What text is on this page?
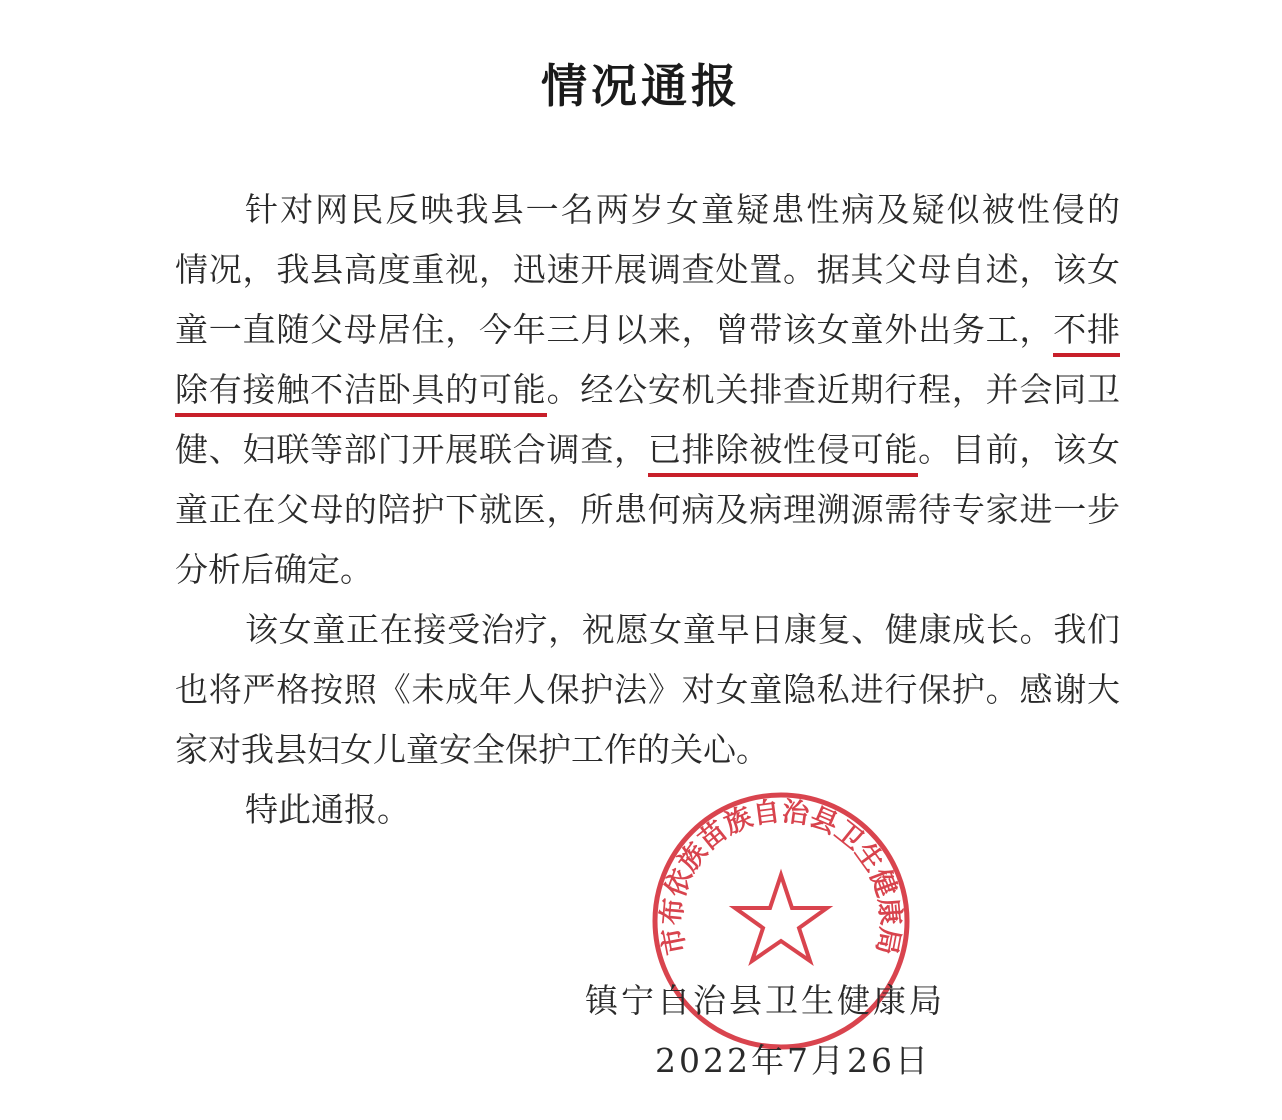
情况通报
针对网民反映我县一名两岁女童疑患性病及疑似被性侵的
情况，我县高度重视，迅速开展调查处置。据其父母自述，该女
童一直随父母居住，今年三月以来，曾带该女童外出务工，不排
除有接触不洁卧具的可能。经公安机关排查近期行程，并会同卫
健、妇联等部门开展联合调查，已排除被性侵可能。目前，该女
童正在父母的陪护下就医，所患何病及病理溯源需待专家进一步
分析后确定。
该女童正在接受治疗，祝愿女童早日康复、健康成长。我们
也将严格按照《未成年人保护法》对女童隐私进行保护。感谢大
家对我县妇女儿童安全保护工作的关心。
特此通报。
市布依族苗族自治县卫生健康局
镇宁自治县卫生健康局
2022年7月26日
